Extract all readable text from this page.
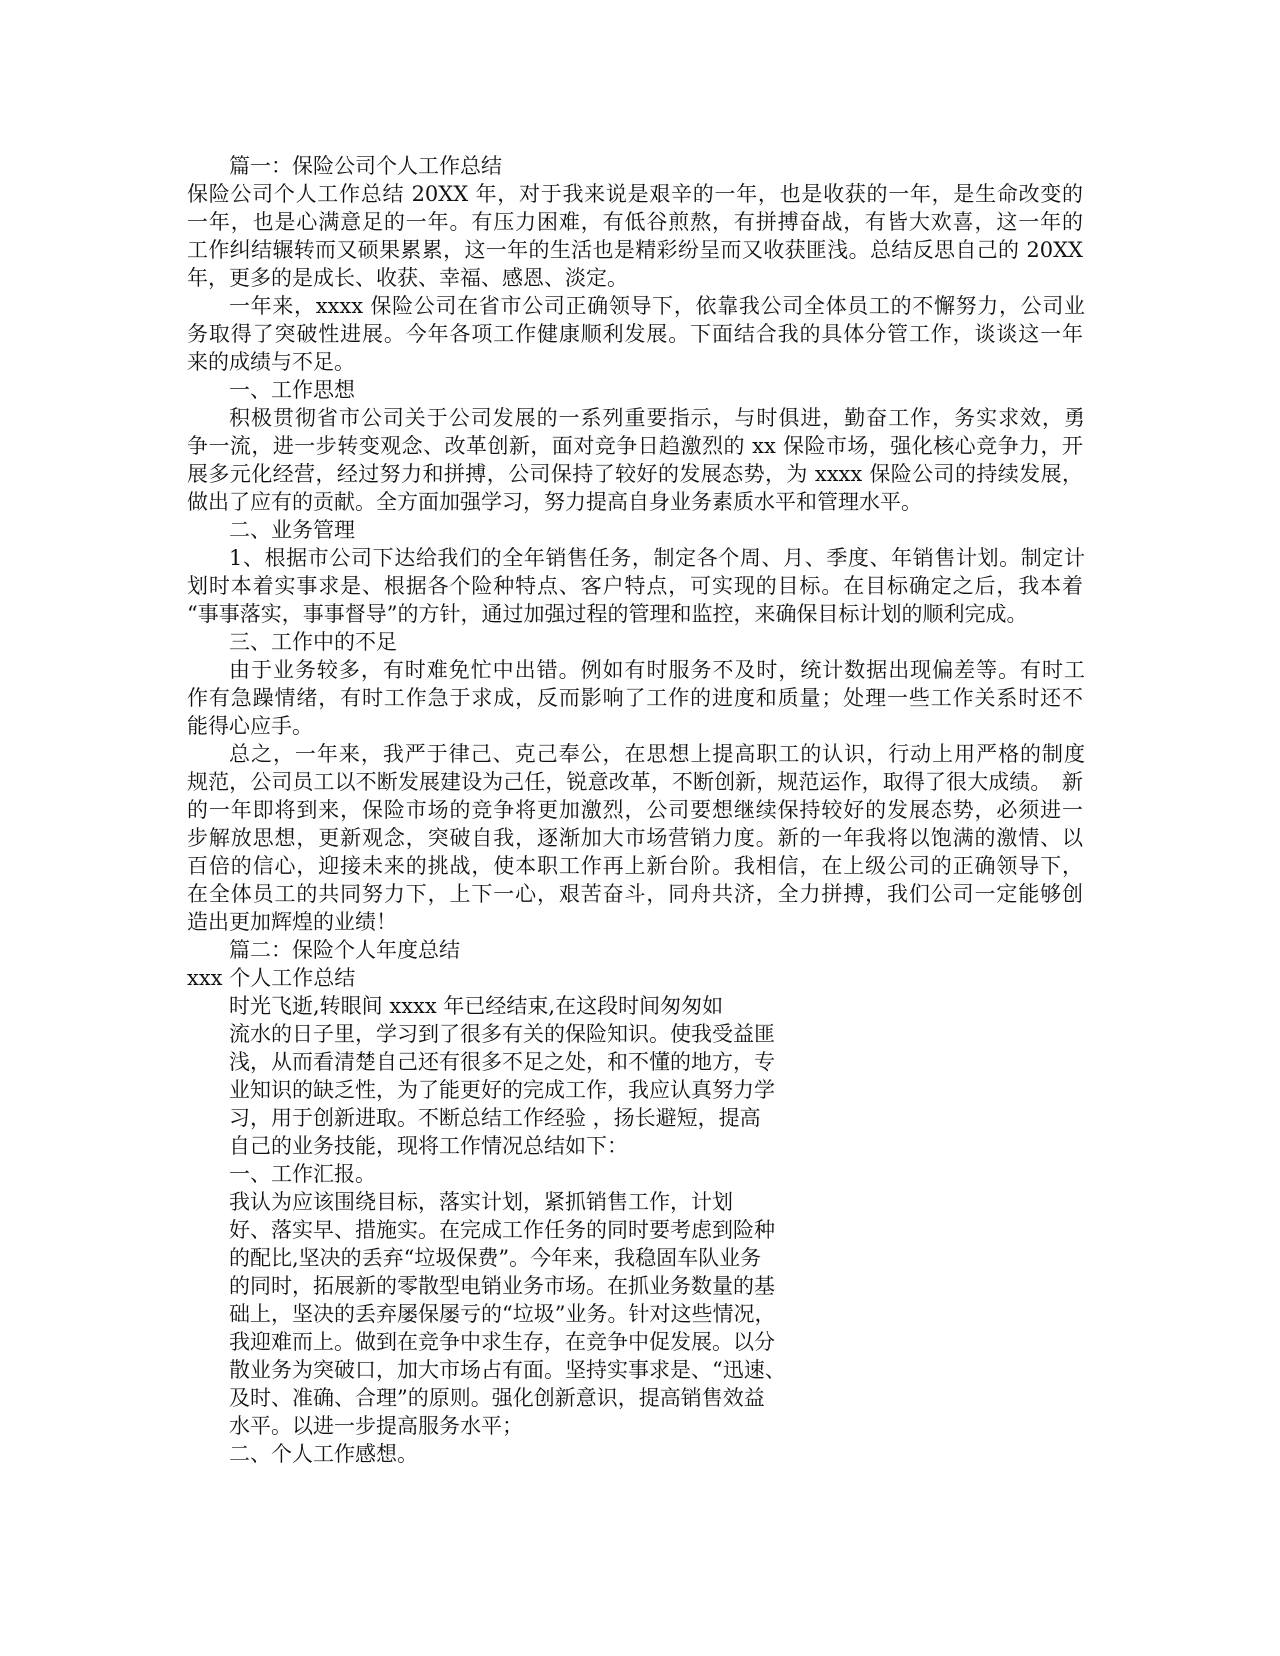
篇一：保险公司个人工作总结

保险公司个人工作总结 20XX 年，对于我来说是艰辛的一年，也是收获的一年，是生命改变的

一年，也是心满意足的一年。有压力困难，有低谷煎熬，有拼搏奋战，有皆大欢喜，这一年的

工作纠结辗转而又硕果累累，这一年的生活也是精彩纷呈而又收获匪浅。总结反思自己的 20XX

年，更多的是成长、收获、幸福、感恩、淡定。

一年来，xxxx 保险公司在省市公司正确领导下，依靠我公司全体员工的不懈努力，公司业

务取得了突破性进展。今年各项工作健康顺利发展。下面结合我的具体分管工作，谈谈这一年

来的成绩与不足。

一、工作思想

积极贯彻省市公司关于公司发展的一系列重要指示，与时俱进，勤奋工作，务实求效，勇

争一流，进一步转变观念、改革创新，面对竞争日趋激烈的 xx 保险市场，强化核心竞争力，开

展多元化经营，经过努力和拼搏，公司保持了较好的发展态势，为 xxxx 保险公司的持续发展，

做出了应有的贡献。全方面加强学习，努力提高自身业务素质水平和管理水平。

二、业务管理

1、根据市公司下达给我们的全年销售任务，制定各个周、月、季度、年销售计划。制定计

划时本着实事求是、根据各个险种特点、客户特点，可实现的目标。在目标确定之后，我本着

“事事落实，事事督导”的方针，通过加强过程的管理和监控，来确保目标计划的顺利完成。

三、工作中的不足

由于业务较多，有时难免忙中出错。例如有时服务不及时，统计数据出现偏差等。有时工

作有急躁情绪，有时工作急于求成，反而影响了工作的进度和质量；处理一些工作关系时还不

能得心应手。

总之，一年来，我严于律己、克己奉公，在思想上提高职工的认识，行动上用严格的制度

规范，公司员工以不断发展建设为己任，锐意改革，不断创新，规范运作，取得了很大成绩。　新

的一年即将到来，保险市场的竞争将更加激烈，公司要想继续保持较好的发展态势，必须进一

步解放思想，更新观念，突破自我，逐渐加大市场营销力度。新的一年我将以饱满的激情、以

百倍的信心，迎接未来的挑战，使本职工作再上新台阶。我相信，在上级公司的正确领导下，

在全体员工的共同努力下，上下一心，艰苦奋斗，同舟共济，全力拼搏，我们公司一定能够创

造出更加辉煌的业绩！

篇二：保险个人年度总结

xxx 个人工作总结

时光飞逝,转眼间 xxxx 年已经结束,在这段时间匆匆如

流水的日子里，学习到了很多有关的保险知识。使我受益匪

浅，从而看清楚自己还有很多不足之处，和不懂的地方，专

业知识的缺乏性，为了能更好的完成工作，我应认真努力学

习，用于创新进取。不断总结工作经验 ，扬长避短，提高

自己的业务技能，现将工作情况总结如下：

一、工作汇报。

我认为应该围绕目标，落实计划，紧抓销售工作，计划

好、落实早、措施实。在完成工作任务的同时要考虑到险种

的配比,坚决的丢弃“垃圾保费”。今年来，我稳固车队业务

的同时，拓展新的零散型电销业务市场。在抓业务数量的基

础上，坚决的丢弃屡保屡亏的“垃圾”业务。针对这些情况，

我迎难而上。做到在竞争中求生存，在竞争中促发展。以分

散业务为突破口，加大市场占有面。坚持实事求是、“迅速、

及时、准确、合理”的原则。强化创新意识，提高销售效益

水平。以进一步提高服务水平；

二、个人工作感想。
